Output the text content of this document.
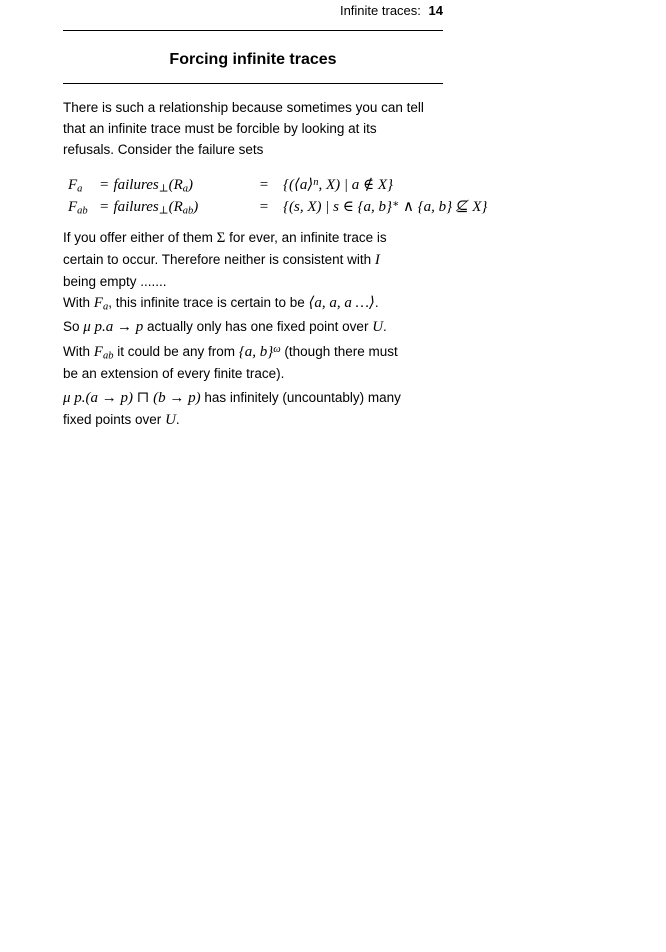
Infinite traces: 14
Forcing infinite traces
There is such a relationship because sometimes you can tell
that an infinite trace must be forcible by looking at its
refusals. Consider the failure sets
$F_a$	= $failures_\perp(R_a)$	= {(⟨a⟩$^n$, X) | a ∉ X}
$F_{ab}$ = $failures_\perp(R_{ab})$	= {(s, X) | s ∈ {a, b}∗ ∧ {a, b} ⊈ X}
If you offer either of them Σ for ever, an infinite trace is
certain to occur. Therefore neither is consistent with I
being empty .......
With $F_a$, this infinite trace is certain to be ⟨a, a, a …⟩.
So μ p.a → p actually only has one fixed point over U.
With $F_{ab}$ it could be any from {a, b}$^\omega$ (though there must
be an extension of every finite trace).
μ p.(a → p) ⊓ (b → p) has infinitely (uncountably) many
fixed points over U.
